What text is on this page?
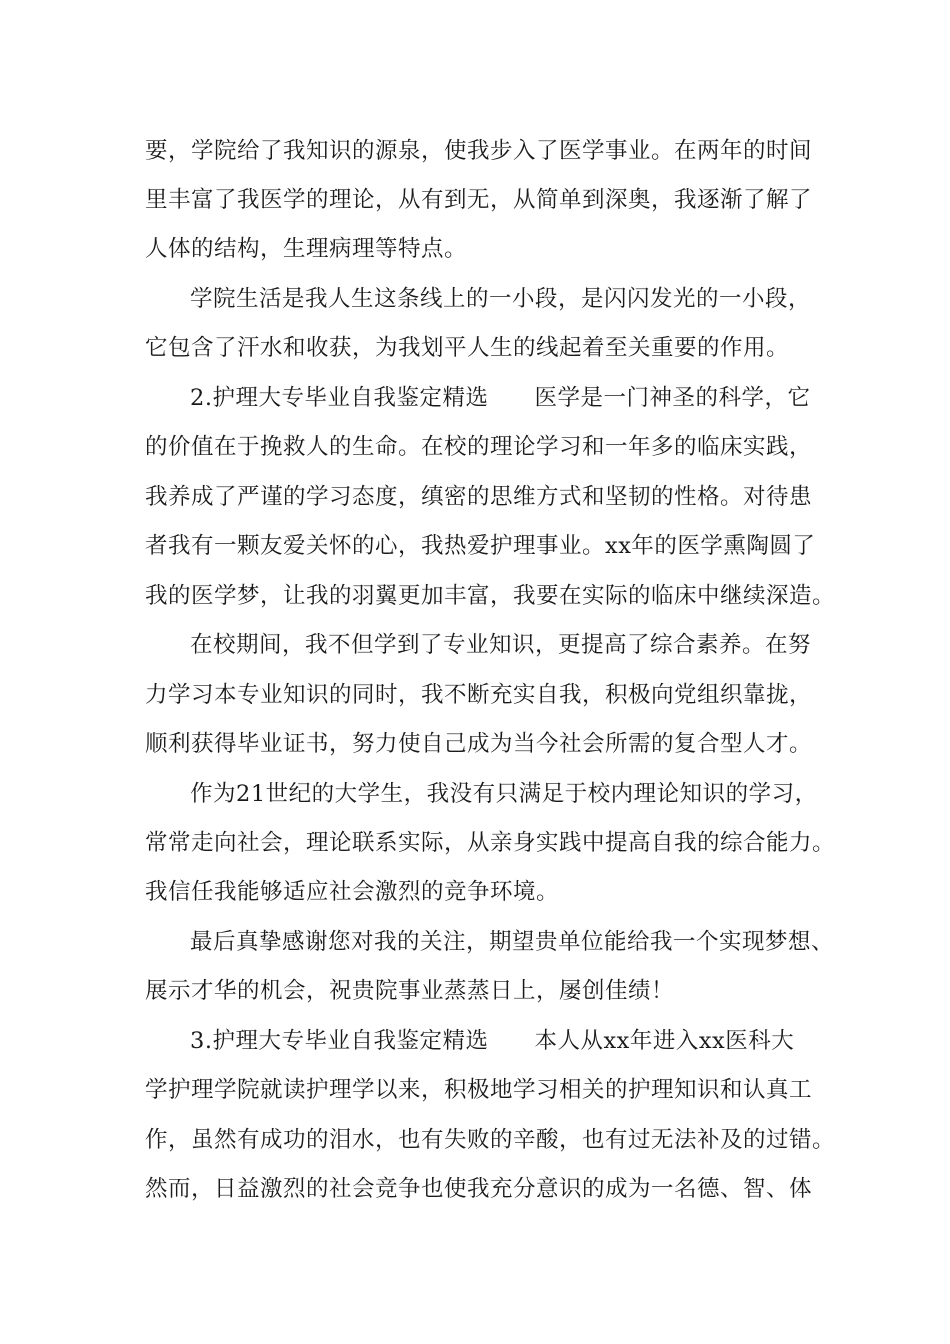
要，学院给了我知识的源泉，使我步入了医学事业。在两年的时间
里丰富了我医学的理论，从有到无，从简单到深奥，我逐渐了解了
人体的结构，生理病理等特点。
学院生活是我人生这条线上的一小段，是闪闪发光的一小段，
它包含了汗水和收获，为我划平人生的线起着至关重要的作用。
2.护理大专毕业自我鉴定精选　　医学是一门神圣的科学，它
的价值在于挽救人的生命。在校的理论学习和一年多的临床实践，
我养成了严谨的学习态度，缜密的思维方式和坚韧的性格。对待患
者我有一颗友爱关怀的心，我热爱护理事业。xx年的医学熏陶圆了
我的医学梦，让我的羽翼更加丰富，我要在实际的临床中继续深造。
在校期间，我不但学到了专业知识，更提高了综合素养。在努
力学习本专业知识的同时，我不断充实自我，积极向党组织靠拢，
顺利获得毕业证书，努力使自己成为当今社会所需的复合型人才。
作为21世纪的大学生，我没有只满足于校内理论知识的学习，
常常走向社会，理论联系实际，从亲身实践中提高自我的综合能力。
我信任我能够适应社会激烈的竞争环境。
最后真挚感谢您对我的关注，期望贵单位能给我一个实现梦想、
展示才华的机会，祝贵院事业蒸蒸日上，屡创佳绩！
3.护理大专毕业自我鉴定精选　　本人从xx年进入xx医科大
学护理学院就读护理学以来，积极地学习相关的护理知识和认真工
作，虽然有成功的泪水，也有失败的辛酸，也有过无法补及的过错。
然而，日益激烈的社会竞争也使我充分意识的成为一名德、智、体
